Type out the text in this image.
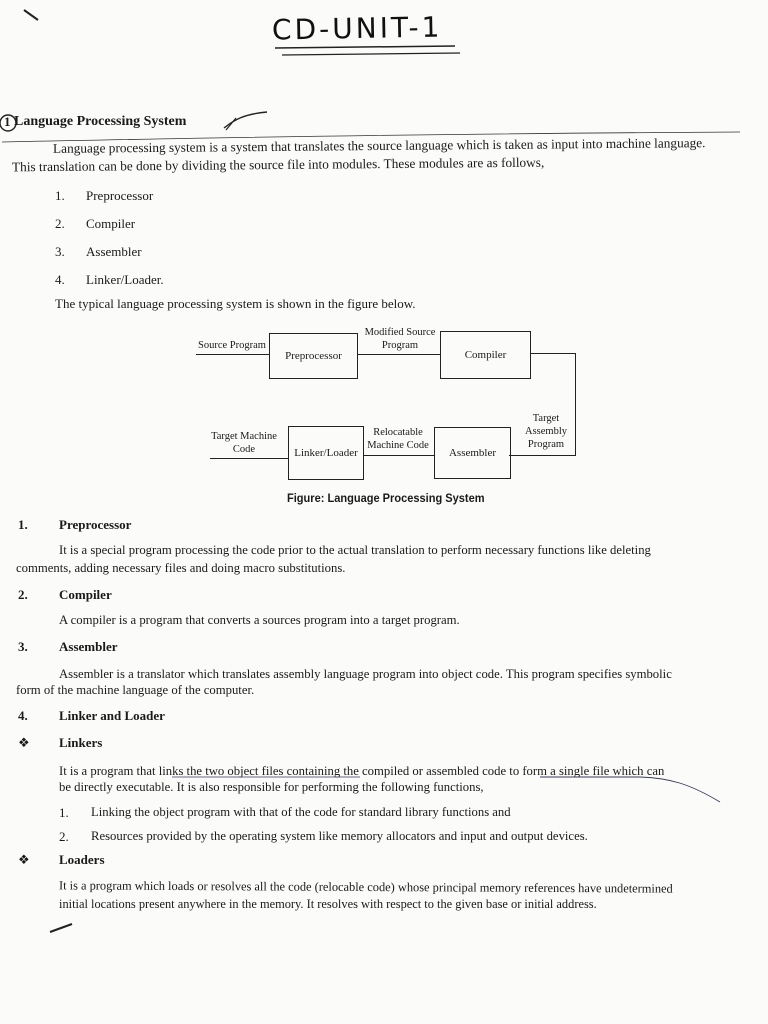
CD-UNIT-1
1 Language Processing System
Language processing system is a system that translates the source language which is taken as input into machine language.
This translation can be done by dividing the source file into modules. These modules are as follows,
1. Preprocessor
2. Compiler
3. Assembler
4. Linker/Loader.
The typical language processing system is shown in the figure below.
Source Program
Preprocessor
Modified Source
Program
Compiler
Target
Assembly
Program
Assembler
Relocatable
Machine Code
Linker/Loader
Target Machine
Code
Figure: Language Processing System
1. Preprocessor
It is a special program processing the code prior to the actual translation to perform necessary functions like deleting
comments, adding necessary files and doing macro substitutions.
2. Compiler
A compiler is a program that converts a sources program into a target program.
3. Assembler
Assembler is a translator which translates assembly language program into object code. This program specifies symbolic
form of the machine language of the computer.
4. Linker and Loader
❖ Linkers
It is a program that links the two object files containing the compiled or assembled code to form a single file which can
be directly executable. It is also responsible for performing the following functions,
1. Linking the object program with that of the code for standard library functions and
2. Resources provided by the operating system like memory allocators and input and output devices.
❖ Loaders
It is a program which loads or resolves all the code (relocable code) whose principal memory references have undetermined
initial locations present anywhere in the memory. It resolves with respect to the given base or initial address.
